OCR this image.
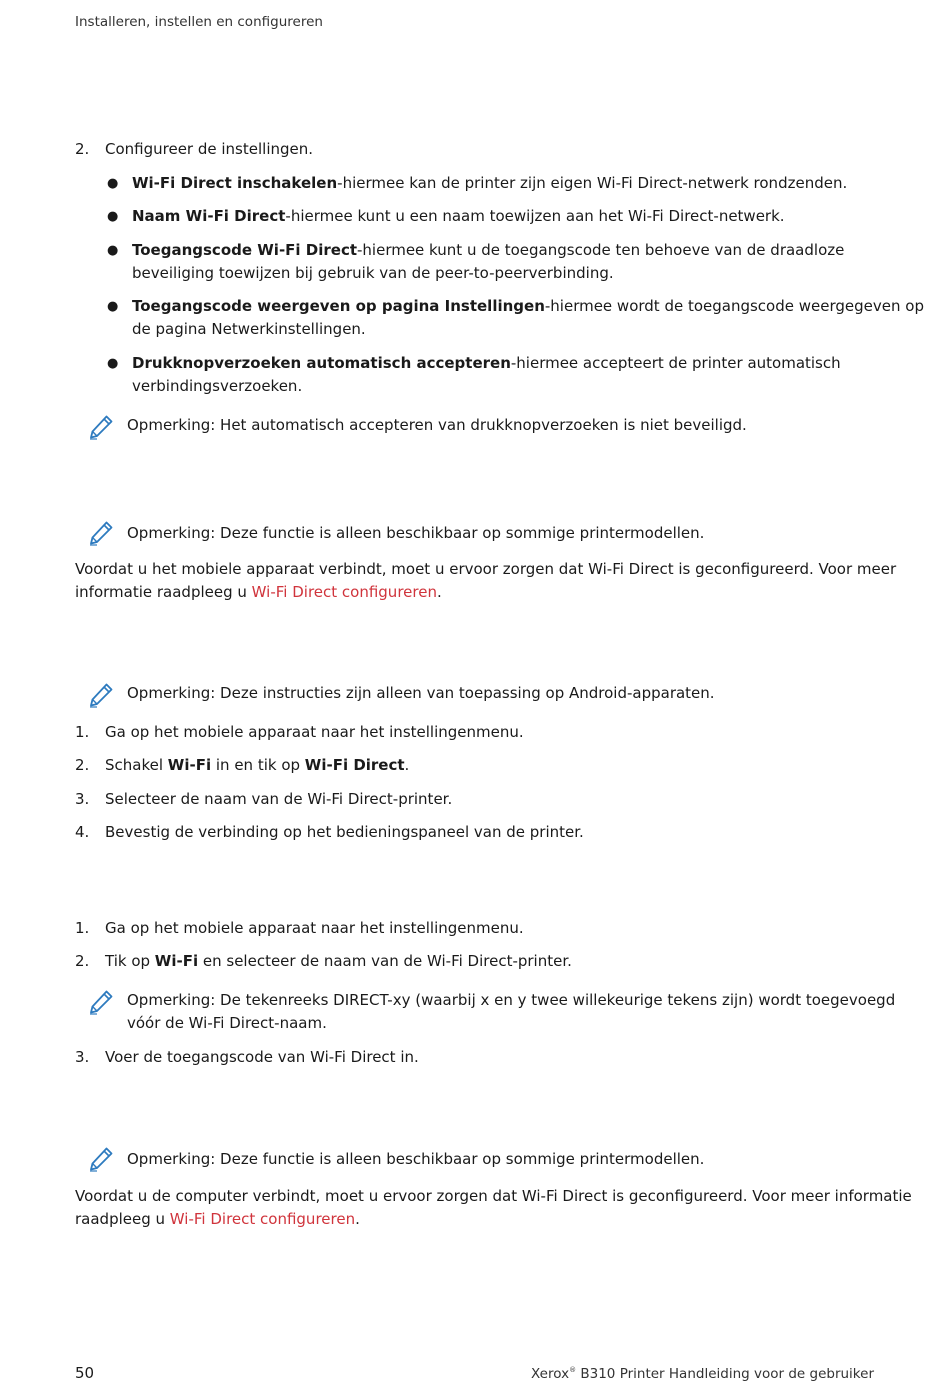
Installeren, instellen en configureren
2. Configureer de instellingen.
● Wi-Fi Direct inschakelen-hiermee kan de printer zijn eigen Wi-Fi Direct-netwerk rondzenden.
● Naam Wi-Fi Direct-hiermee kunt u een naam toewijzen aan het Wi-Fi Direct-netwerk.
● Toegangscode Wi-Fi Direct-hiermee kunt u de toegangscode ten behoeve van de draadloze
beveiliging toewijzen bij gebruik van de peer-to-peerverbinding.
● Toegangscode weergeven op pagina Instellingen-hiermee wordt de toegangscode weergegeven op
de pagina Netwerkinstellingen.
● Drukknopverzoeken automatisch accepteren-hiermee accepteert de printer automatisch
verbindingsverzoeken.
Opmerking: Het automatisch accepteren van drukknopverzoeken is niet beveiligd.
Opmerking: Deze functie is alleen beschikbaar op sommige printermodellen.
Voordat u het mobiele apparaat verbindt, moet u ervoor zorgen dat Wi-Fi Direct is geconfigureerd. Voor meer
informatie raadpleeg u Wi-Fi Direct configureren.
Opmerking: Deze instructies zijn alleen van toepassing op Android-apparaten.
1. Ga op het mobiele apparaat naar het instellingenmenu.
2. Schakel Wi-Fi in en tik op Wi-Fi Direct.
3. Selecteer de naam van de Wi-Fi Direct-printer.
4. Bevestig de verbinding op het bedieningspaneel van de printer.
1. Ga op het mobiele apparaat naar het instellingenmenu.
2. Tik op Wi-Fi en selecteer de naam van de Wi-Fi Direct-printer.
Opmerking: De tekenreeks DIRECT-xy (waarbij x en y twee willekeurige tekens zijn) wordt toegevoegd
vóór de Wi-Fi Direct-naam.
3. Voer de toegangscode van Wi-Fi Direct in.
Opmerking: Deze functie is alleen beschikbaar op sommige printermodellen.
Voordat u de computer verbindt, moet u ervoor zorgen dat Wi-Fi Direct is geconfigureerd. Voor meer informatie
raadpleeg u Wi-Fi Direct configureren.
50	Xerox® B310 Printer Handleiding voor de gebruiker
